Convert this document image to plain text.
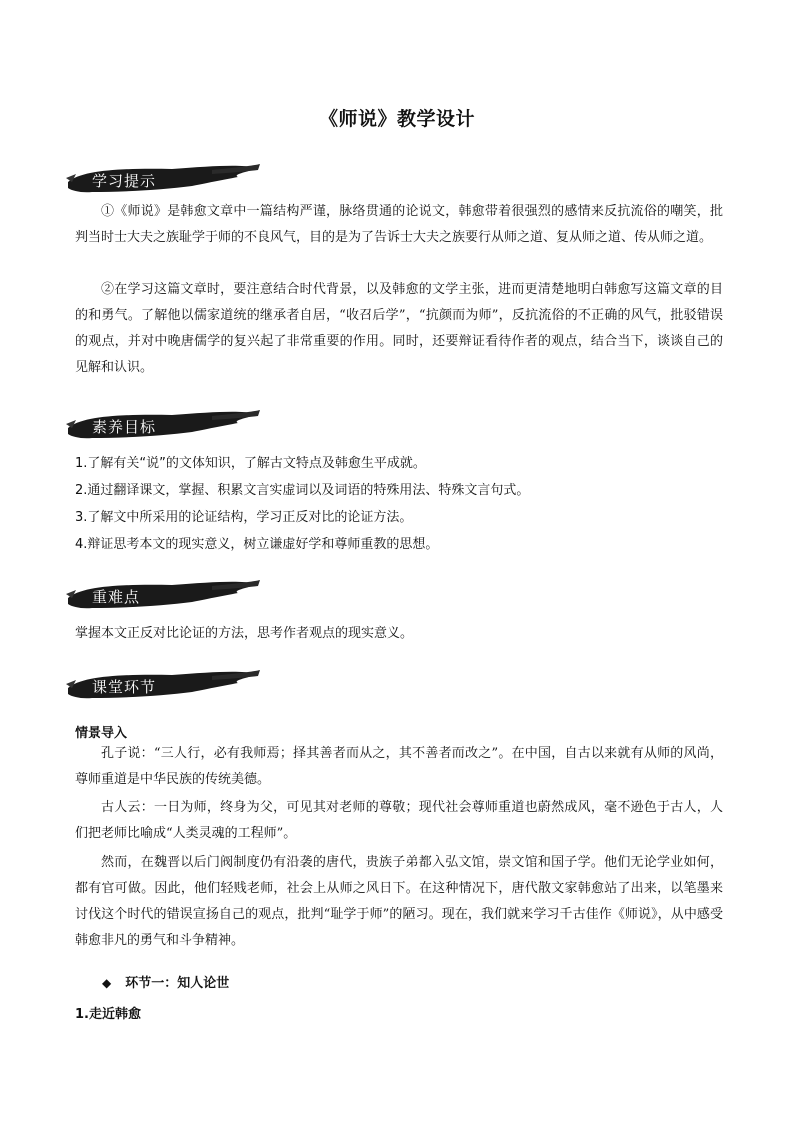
《师说》教学设计
学习提示

①《师说》是韩愈文章中一篇结构严谨，脉络贯通的论说文，韩愈带着很强烈的感情来反抗流俗的嘲笑，批判当时士大夫之族耻学于师的不良风气，目的是为了告诉士大夫之族要行从师之道、复从师之道、传从师之道。

②在学习这篇文章时，要注意结合时代背景，以及韩愈的文学主张，进而更清楚地明白韩愈写这篇文章的目的和勇气。了解他以儒家道统的继承者自居，“收召后学”，“抗颜而为师”，反抗流俗的不正确的风气，批驳错误的观点，并对中晚唐儒学的复兴起了非常重要的作用。同时，还要辩证看待作者的观点，结合当下，谈谈自己的见解和认识。

素养目标

1.了解有关“说”的文体知识，了解古文特点及韩愈生平成就。

2.通过翻译课文，掌握、积累文言实虚词以及词语的特殊用法、特殊文言句式。

3.了解文中所采用的论证结构，学习正反对比的论证方法。

4.辩证思考本文的现实意义，树立谦虚好学和尊师重教的思想。

重难点

掌握本文正反对比论证的方法，思考作者观点的现实意义。

课堂环节

情景导入

孔子说：“三人行，必有我师焉；择其善者而从之，其不善者而改之”。在中国，自古以来就有从师的风尚， 尊师重道是中华民族的传统美德。

古人云：一日为师，终身为父，可见其对老师的尊敬；现代社会尊师重道也蔚然成风，毫不逊色于古人，人们把老师比喻成“人类灵魂的工程师”。

然而，在魏晋以后门阀制度仍有沿袭的唐代，贵族子弟都入弘文馆，崇文馆和国子学。他们无论学业如何，都有官可做。因此，他们轻贱老师，社会上从师之风日下。在这种情况下，唐代散文家韩愈站了出来，以笔墨来讨伐这个时代的错误宣扬自己的观点，批判“耻学于师”的陋习。现在，我们就来学习千古佳作《师说》，从中感受韩愈非凡的勇气和斗争精神。

◆ 环节一：知人论世

1.走近韩愈
